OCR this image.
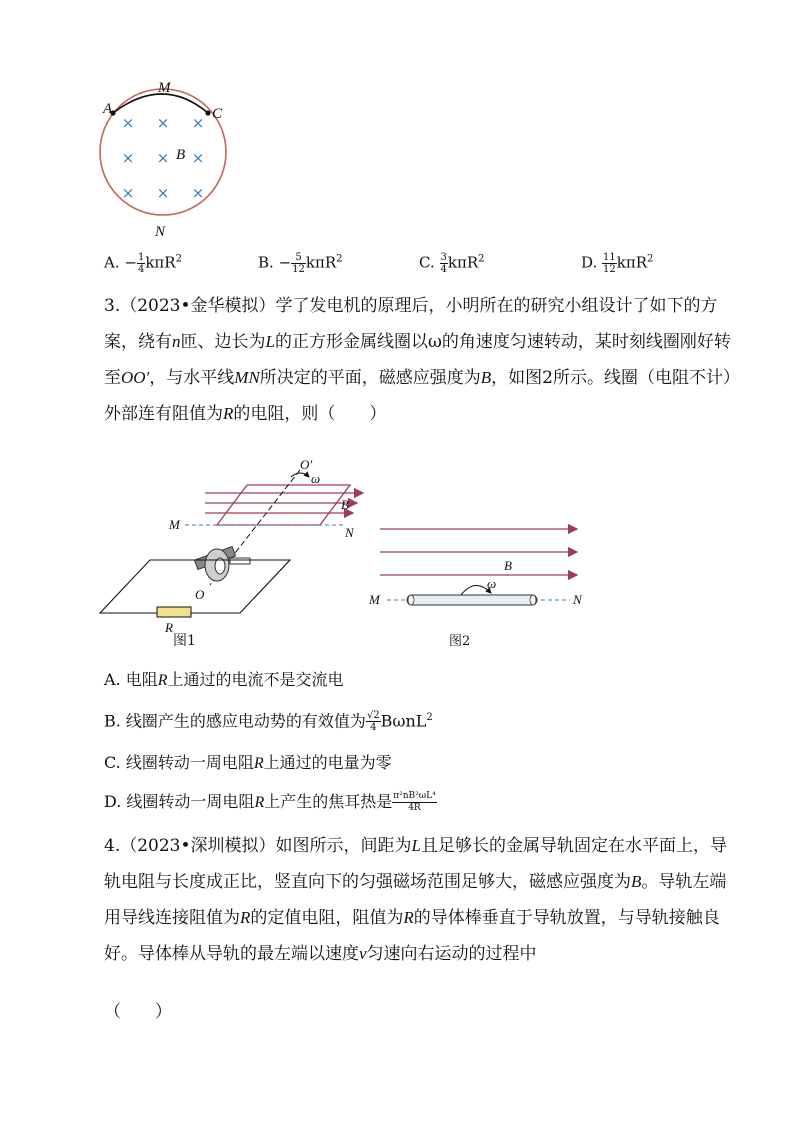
× × ×
× × ×
× × ×
M
A	C
B
N
A. − $\frac{1}{4} k\pi R^2$	B. − $\frac{5}{12} k\pi R^2$	C. $\frac{3}{4} k\pi R^2$	D. $\frac{11}{12} k\pi R^2$
3.（2023•金华模拟）学了发电机的原理后，小明所在的研究小组设计了如下的方案，绕有n匝、边长为L的正方形金属线圈以ω的角速度匀速转动，某时刻线圈刚好转至OO′，与水平线MN所决定的平面，磁感应强度为B，如图2所示。线圈（电阻不计）外部连有阻值为R的电阻，则（　　）
O′
ω
B
M
N
O
R
图1
B
ω
M	N
图2
A. 电阻R上通过的电流不是交流电
B. 线圈产生的感应电动势的有效值为 $\frac{√2}{4} B\omega nL^2$
C. 线圈转动一周电阻R上通过的电量为零
D. 线圈转动一周电阻R上产生的焦耳热是 $\frac{\text{π²nB²ωL⁴}}{4R}$
4.（2023•深圳模拟）如图所示，间距为L且足够长的金属导轨固定在水平面上，导轨电阻与长度成正比，竖直向下的匀强磁场范围足够大，磁感应强度为B。导轨左端用导线连接阻值为R的定值电阻，阻值为R的导体棒垂直于导轨放置，与导轨接触良好。导体棒从导轨的最左端以速度v匀速向右运动的过程中
（　　）
